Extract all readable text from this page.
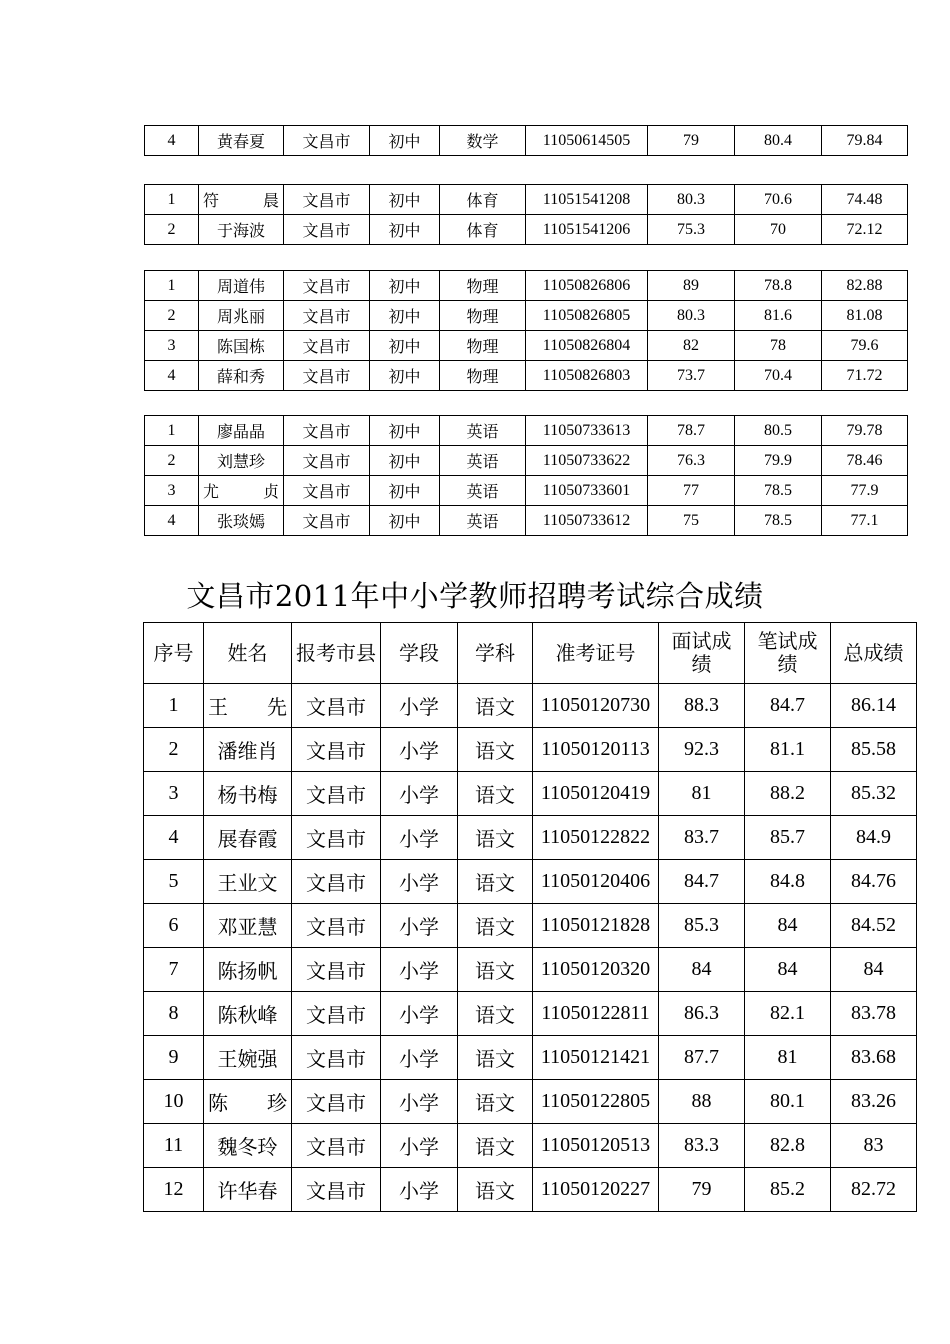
4	黄春夏	文昌市	初中	数学	11050614505	79	80.4	79.84
1	符　晨	文昌市	初中	体育	11051541208	80.3	70.6	74.48
2	于海波	文昌市	初中	体育	11051541206	75.3	70	72.12
1	周道伟	文昌市	初中	物理	11050826806	89	78.8	82.88
2	周兆丽	文昌市	初中	物理	11050826805	80.3	81.6	81.08
3	陈国栋	文昌市	初中	物理	11050826804	82	78	79.6
4	薛和秀	文昌市	初中	物理	11050826803	73.7	70.4	71.72
1	廖晶晶	文昌市	初中	英语	11050733613	78.7	80.5	79.78
2	刘慧珍	文昌市	初中	英语	11050733622	76.3	79.9	78.46
3	尤　贞	文昌市	初中	英语	11050733601	77	78.5	77.9
4	张琰嫣	文昌市	初中	英语	11050733612	75	78.5	77.1
文昌市2011年中小学教师招聘考试综合成绩
序号	姓名	报考市县	学段	学科	准考证号	面试成绩	笔试成绩	总成绩
1	王　先	文昌市	小学	语文	11050120730	88.3	84.7	86.14
2	潘维肖	文昌市	小学	语文	11050120113	92.3	81.1	85.58
3	杨书梅	文昌市	小学	语文	11050120419	81	88.2	85.32
4	展春霞	文昌市	小学	语文	11050122822	83.7	85.7	84.9
5	王业文	文昌市	小学	语文	11050120406	84.7	84.8	84.76
6	邓亚慧	文昌市	小学	语文	11050121828	85.3	84	84.52
7	陈扬帆	文昌市	小学	语文	11050120320	84	84	84
8	陈秋峰	文昌市	小学	语文	11050122811	86.3	82.1	83.78
9	王婉强	文昌市	小学	语文	11050121421	87.7	81	83.68
10	陈　珍	文昌市	小学	语文	11050122805	88	80.1	83.26
11	魏冬玲	文昌市	小学	语文	11050120513	83.3	82.8	83
12	许华春	文昌市	小学	语文	11050120227	79	85.2	82.72
